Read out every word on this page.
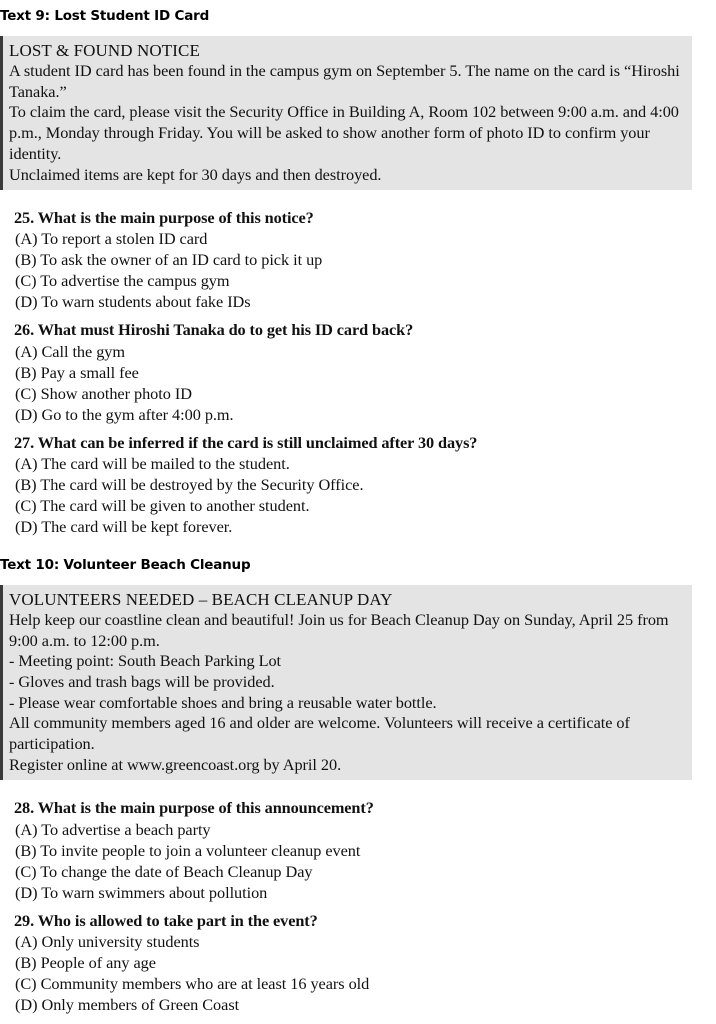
Text 9: Lost Student ID Card

LOST & FOUND NOTICE

A student ID card has been found in the campus gym on September 5. The name on the card is “Hiroshi Tanaka.”

To claim the card, please visit the Security Office in Building A, Room 102 between 9:00 a.m. and 4:00 p.m., Monday through Friday. You will be asked to show another form of photo ID to confirm your identity.

Unclaimed items are kept for 30 days and then destroyed.

25. What is the main purpose of this notice?

(A) To report a stolen ID card

(B) To ask the owner of an ID card to pick it up

(C) To advertise the campus gym

(D) To warn students about fake IDs

26. What must Hiroshi Tanaka do to get his ID card back?

(A) Call the gym

(B) Pay a small fee

(C) Show another photo ID

(D) Go to the gym after 4:00 p.m.

27. What can be inferred if the card is still unclaimed after 30 days?

(A) The card will be mailed to the student.

(B) The card will be destroyed by the Security Office.

(C) The card will be given to another student.

(D) The card will be kept forever.

Text 10: Volunteer Beach Cleanup

VOLUNTEERS NEEDED – BEACH CLEANUP DAY

Help keep our coastline clean and beautiful! Join us for Beach Cleanup Day on Sunday, April 25 from 9:00 a.m. to 12:00 p.m.

- Meeting point: South Beach Parking Lot

- Gloves and trash bags will be provided.

- Please wear comfortable shoes and bring a reusable water bottle.

All community members aged 16 and older are welcome. Volunteers will receive a certificate of participation.

Register online at www.greencoast.org by April 20.

28. What is the main purpose of this announcement?

(A) To advertise a beach party

(B) To invite people to join a volunteer cleanup event

(C) To change the date of Beach Cleanup Day

(D) To warn swimmers about pollution

29. Who is allowed to take part in the event?

(A) Only university students

(B) People of any age

(C) Community members who are at least 16 years old

(D) Only members of Green Coast
